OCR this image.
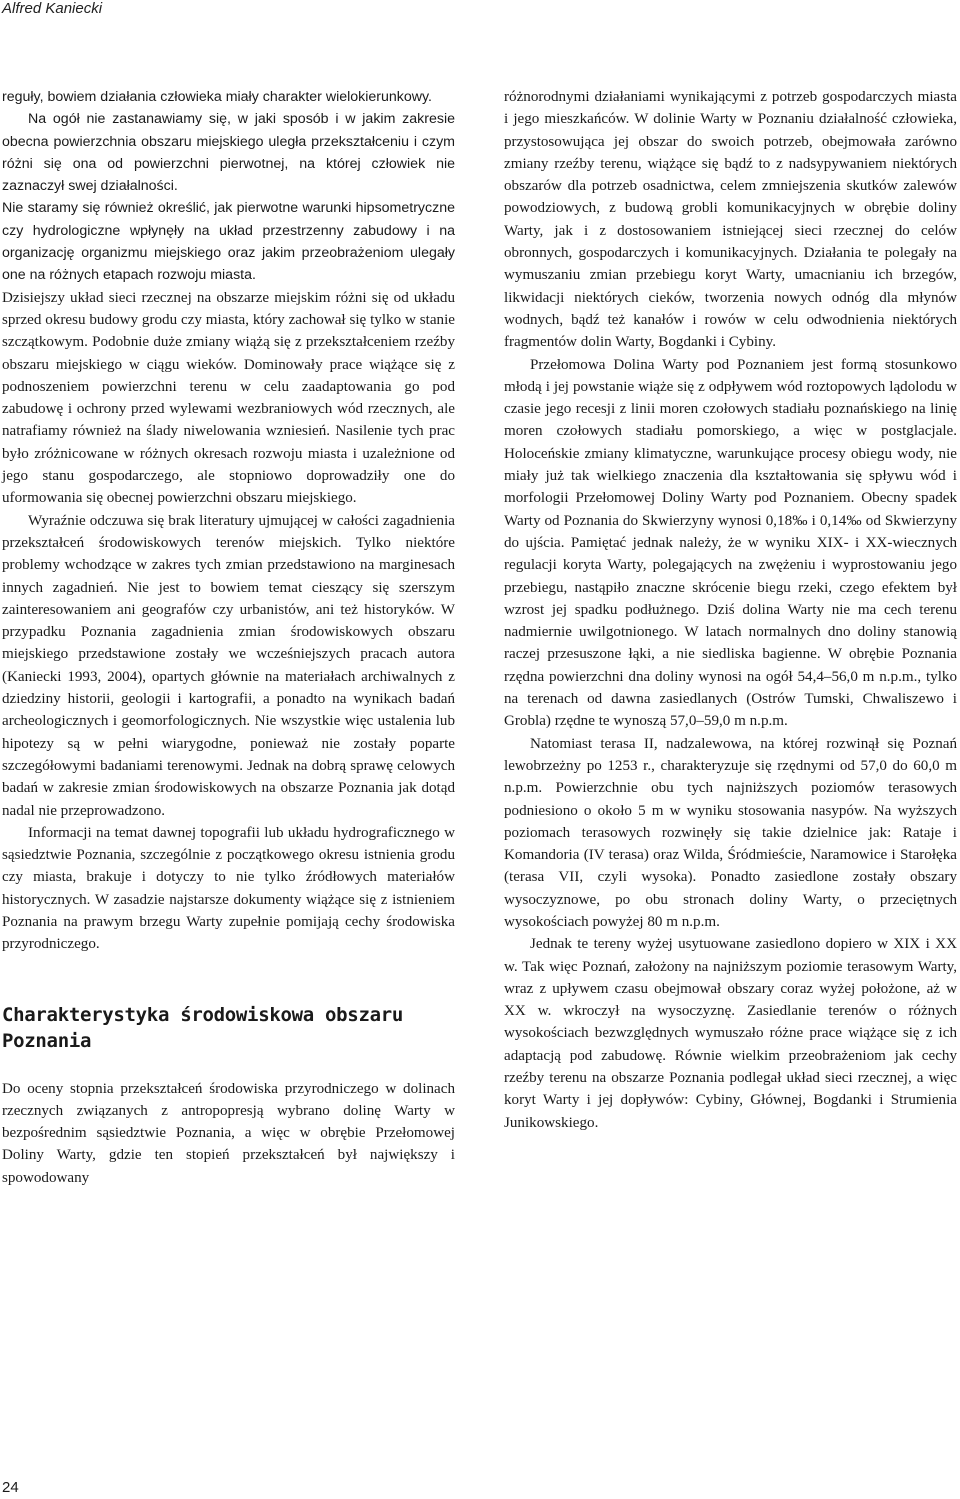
Alfred Kaniecki

reguły, bowiem działania człowieka miały charakter wielokierunkowy.

Na ogół nie zastanawiamy się, w jaki sposób i w jakim zakresie obecna powierzchnia obszaru miejskiego uległa przekształceniu i czym różni się ona od powierzchni pierwotnej, na której człowiek nie zaznaczył swej działalności.

Nie staramy się również określić, jak pierwotne warunki hipsometryczne czy hydrologiczne wpłynęły na układ przestrzenny zabudowy i na organizację organizmu miejskiego oraz jakim przeobrażeniom ulegały one na różnych etapach rozwoju miasta.

Dzisiejszy układ sieci rzecznej na obszarze miejskim różni się od układu sprzed okresu budowy grodu czy miasta, który zachował się tylko w stanie szczątkowym. Podobnie duże zmiany wiążą się z przekształceniem rzeźby obszaru miejskiego w ciągu wieków. Dominowały prace wiążące się z podnoszeniem powierzchni terenu w celu zaadaptowania go pod zabudowę i ochrony przed wylewami wezbraniowych wód rzecznych, ale natrafiamy również na ślady niwelowania wzniesień. Nasilenie tych prac było zróżnicowane w różnych okresach rozwoju miasta i uzależnione od jego stanu gospodarczego, ale stopniowo doprowadziły one do uformowania się obecnej powierzchni obszaru miejskiego.

Wyraźnie odczuwa się brak literatury ujmującej w całości zagadnienia przekształceń środowiskowych terenów miejskich. Tylko niektóre problemy wchodzące w zakres tych zmian przedstawiono na marginesach innych zagadnień. Nie jest to bowiem temat cieszący się szerszym zainteresowaniem ani geografów czy urbanistów, ani też historyków. W przypadku Poznania zagadnienia zmian środowiskowych obszaru miejskiego przedstawione zostały we wcześniejszych pracach autora (Kaniecki 1993, 2004), opartych głównie na materiałach archiwalnych z dziedziny historii, geologii i kartografii, a ponadto na wynikach badań archeologicznych i geomorfologicznych. Nie wszystkie więc ustalenia lub hipotezy są w pełni wiarygodne, ponieważ nie zostały poparte szczegółowymi badaniami terenowymi. Jednak na dobrą sprawę celowych badań w zakresie zmian środowiskowych na obszarze Poznania jak dotąd nadal nie przeprowadzono.

Informacji na temat dawnej topografii lub układu hydrograficznego w sąsiedztwie Poznania, szczególnie z początkowego okresu istnienia grodu czy miasta, brakuje i dotyczy to nie tylko źródłowych materiałów historycznych. W zasadzie najstarsze dokumenty wiążące się z istnieniem Poznania na prawym brzegu Warty zupełnie pomijają cechy środowiska przyrodniczego.

Charakterystyka środowiskowa obszaru Poznania

Do oceny stopnia przekształceń środowiska przyrodniczego w dolinach rzecznych związanych z antropopresją wybrano dolinę Warty w bezpośrednim sąsiedztwie Poznania, a więc w obrębie Przełomowej Doliny Warty, gdzie ten stopień przekształceń był największy i spowodowany

różnorodnymi działaniami wynikającymi z potrzeb gospodarczych miasta i jego mieszkańców. W dolinie Warty w Poznaniu działalność człowieka, przystosowująca jej obszar do swoich potrzeb, obejmowała zarówno zmiany rzeźby terenu, wiążące się bądź to z nadsypywaniem niektórych obszarów dla potrzeb osadnictwa, celem zmniejszenia skutków zalewów powodziowych, z budową grobli komunikacyjnych w obrębie doliny Warty, jak i z dostosowaniem istniejącej sieci rzecznej do celów obronnych, gospodarczych i komunikacyjnych. Działania te polegały na wymuszaniu zmian przebiegu koryt Warty, umacnianiu ich brzegów, likwidacji niektórych cieków, tworzenia nowych odnóg dla młynów wodnych, bądź też kanałów i rowów w celu odwodnienia niektórych fragmentów dolin Warty, Bogdanki i Cybiny.

Przełomowa Dolina Warty pod Poznaniem jest formą stosunkowo młodą i jej powstanie wiąże się z odpływem wód roztopowych lądolodu w czasie jego recesji z linii moren czołowych stadiału poznańskiego na linię moren czołowych stadiału pomorskiego, a więc w postglacjale. Holoceńskie zmiany klimatyczne, warunkujące procesy obiegu wody, nie miały już tak wielkiego znaczenia dla kształtowania się spływu wód i morfologii Przełomowej Doliny Warty pod Poznaniem. Obecny spadek Warty od Poznania do Skwierzyny wynosi 0,18‰ i 0,14‰ od Skwierzyny do ujścia. Pamiętać jednak należy, że w wyniku XIX- i XX-wiecznych regulacji koryta Warty, polegających na zwężeniu i wyprostowaniu jego przebiegu, nastąpiło znaczne skrócenie biegu rzeki, czego efektem był wzrost jej spadku podłużnego. Dziś dolina Warty nie ma cech terenu nadmiernie uwilgotnionego. W latach normalnych dno doliny stanowią raczej przesuszone łąki, a nie siedliska bagienne. W obrębie Poznania rzędna powierzchni dna doliny wynosi na ogół 54,4–56,0 m n.p.m., tylko na terenach od dawna zasiedlanych (Ostrów Tumski, Chwaliszewo i Grobla) rzędne te wynoszą 57,0–59,0 m n.p.m.

Natomiast terasa II, nadzalewowa, na której rozwinął się Poznań lewobrzeżny po 1253 r., charakteryzuje się rzędnymi od 57,0 do 60,0 m n.p.m. Powierzchnie obu tych najniższych poziomów terasowych podniesiono o około 5 m w wyniku stosowania nasypów. Na wyższych poziomach terasowych rozwinęły się takie dzielnice jak: Rataje i Komandoria (IV terasa) oraz Wilda, Śródmieście, Naramowice i Starołęka (terasa VII, czyli wysoka). Ponadto zasiedlone zostały obszary wysoczyznowe, po obu stronach doliny Warty, o przeciętnych wysokościach powyżej 80 m n.p.m.

Jednak te tereny wyżej usytuowane zasiedlono dopiero w XIX i XX w. Tak więc Poznań, założony na najniższym poziomie terasowym Warty, wraz z upływem czasu obejmował obszary coraz wyżej położone, aż w XX w. wkroczył na wysoczyznę. Zasiedlanie terenów o różnych wysokościach bezwzględnych wymuszało różne prace wiążące się z ich adaptacją pod zabudowę. Równie wielkim przeobrażeniom jak cechy rzeźby terenu na obszarze Poznania podlegał układ sieci rzecznej, a więc koryt Warty i jej dopływów: Cybiny, Głównej, Bogdanki i Strumienia Junikowskiego.

24
